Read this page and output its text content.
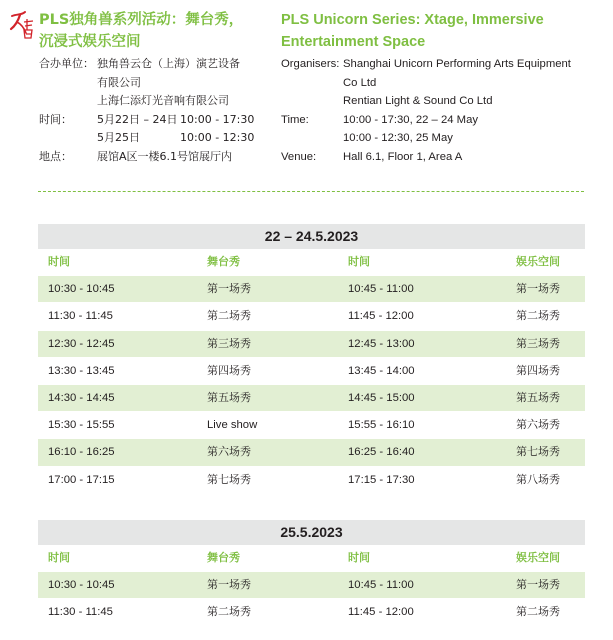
PLS独角兽系列活动：舞台秀，
沉浸式娱乐空间
PLS Unicorn Series: Xtage, Immersive
Entertainment Space
合办单位： 独角兽云仓（上海）演艺设备
有限公司
上海仁添灯光音响有限公司
时间： 5月22日 – 24日 10:00 - 17:30
5月25日	10:00 - 12:30
地点： 展馆A区一楼6.1号馆展厅内
Organisers: Shanghai Unicorn Performing Arts Equipment
Co Ltd
Rentian Light & Sound Co Ltd
Time:	10:00 - 17:30, 22 – 24 May
10:00 - 12:30, 25 May
Venue: Hall 6.1, Floor 1, Area A
22 – 24.5.2023
时间	舞台秀	时间	娱乐空间
10:30 - 10:45	第一场秀	10:45 - 11:00	第一场秀
11:30 - 11:45	第二场秀	11:45 - 12:00	第二场秀
12:30 - 12:45	第三场秀	12:45 - 13:00	第三场秀
13:30 - 13:45	第四场秀	13:45 - 14:00	第四场秀
14:30 - 14:45	第五场秀	14:45 - 15:00	第五场秀
15:30 - 15:55	Live show	15:55 - 16:10	第六场秀
16:10 - 16:25	第六场秀	16:25 - 16:40	第七场秀
17:00 - 17:15	第七场秀	17:15 - 17:30	第八场秀
25.5.2023
时间	舞台秀	时间	娱乐空间
10:30 - 10:45	第一场秀	10:45 - 11:00	第一场秀
11:30 - 11:45	第二场秀	11:45 - 12:00	第二场秀
